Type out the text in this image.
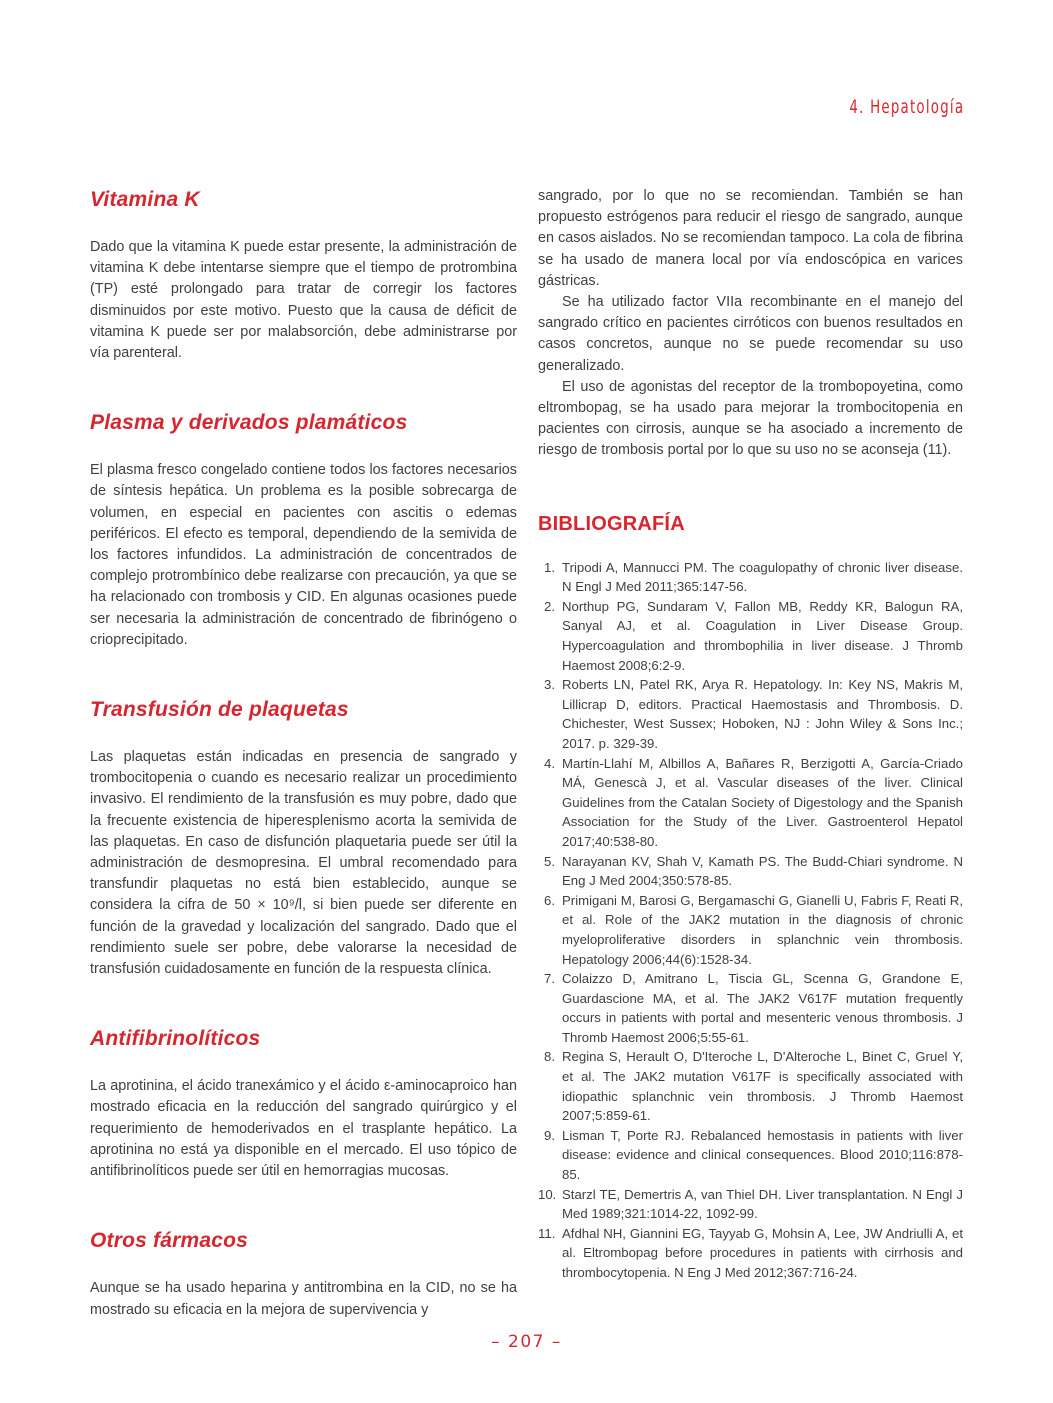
4. Hepatología
Vitamina K

Dado que la vitamina K puede estar presente, la administración de vitamina K debe intentarse siempre que el tiempo de protrombina (TP) esté prolongado para tratar de corregir los factores disminuidos por este motivo. Puesto que la causa de déficit de vitamina K puede ser por malabsorción, debe administrarse por vía parenteral.

Plasma y derivados plamáticos

El plasma fresco congelado contiene todos los factores necesarios de síntesis hepática. Un problema es la posible sobrecarga de volumen, en especial en pacientes con ascitis o edemas periféricos. El efecto es temporal, dependiendo de la semivida de los factores infundidos. La administración de concentrados de complejo protrombínico debe realizarse con precaución, ya que se ha relacionado con trombosis y CID. En algunas ocasiones puede ser necesaria la administración de concentrado de fibrinógeno o crioprecipitado.

Transfusión de plaquetas

Las plaquetas están indicadas en presencia de sangrado y trombocitopenia o cuando es necesario realizar un procedimiento invasivo. El rendimiento de la transfusión es muy pobre, dado que la frecuente existencia de hiperesplenismo acorta la semivida de las plaquetas. En caso de disfunción plaquetaria puede ser útil la administración de desmopresina. El umbral recomendado para transfundir plaquetas no está bien establecido, aunque se considera la cifra de 50 × 10⁹/l, si bien puede ser diferente en función de la gravedad y localización del sangrado. Dado que el rendimiento suele ser pobre, debe valorarse la necesidad de transfusión cuidadosamente en función de la respuesta clínica.

Antifibrinolíticos

La aprotinina, el ácido tranexámico y el ácido ε-aminocaproico han mostrado eficacia en la reducción del sangrado quirúrgico y el requerimiento de hemoderivados en el trasplante hepático. La aprotinina no está ya disponible en el mercado. El uso tópico de antifibrinolíticos puede ser útil en hemorragias mucosas.

Otros fármacos

Aunque se ha usado heparina y antitrombina en la CID, no se ha mostrado su eficacia en la mejora de supervivencia y

sangrado, por lo que no se recomiendan. También se han propuesto estrógenos para reducir el riesgo de sangrado, aunque en casos aislados. No se recomiendan tampoco. La cola de fibrina se ha usado de manera local por vía endoscópica en varices gástricas.

Se ha utilizado factor VIIa recombinante en el manejo del sangrado crítico en pacientes cirróticos con buenos resultados en casos concretos, aunque no se puede recomendar su uso generalizado.

El uso de agonistas del receptor de la trombopoyetina, como eltrombopag, se ha usado para mejorar la trombocitopenia en pacientes con cirrosis, aunque se ha asociado a incremento de riesgo de trombosis portal por lo que su uso no se aconseja (11).

BIBLIOGRAFÍA
1. Tripodi A, Mannucci PM. The coagulopathy of chronic liver disease. N Engl J Med 2011;365:147-56.
2. Northup PG, Sundaram V, Fallon MB, Reddy KR, Balogun RA, Sanyal AJ, et al. Coagulation in Liver Disease Group. Hypercoagulation and thrombophilia in liver disease. J Thromb Haemost 2008;6:2-9.
3. Roberts LN, Patel RK, Arya R. Hepatology. In: Key NS, Makris M, Lillicrap D, editors. Practical Haemostasis and Thrombosis. D. Chichester, West Sussex; Hoboken, NJ : John Wiley & Sons Inc.; 2017. p. 329-39.
4. Martín-Llahí M, Albillos A, Bañares R, Berzigotti A, García-Criado MÁ, Genescà J, et al. Vascular diseases of the liver. Clinical Guidelines from the Catalan Society of Digestology and the Spanish Association for the Study of the Liver. Gastroenterol Hepatol 2017;40:538-80.
5. Narayanan KV, Shah V, Kamath PS. The Budd-Chiari syndrome. N Eng J Med 2004;350:578-85.
6. Primigani M, Barosi G, Bergamaschi G, Gianelli U, Fabris F, Reati R, et al. Role of the JAK2 mutation in the diagnosis of chronic myeloproliferative disorders in splanchnic vein thrombosis. Hepatology 2006;44(6):1528-34.
7. Colaizzo D, Amitrano L, Tiscia GL, Scenna G, Grandone E, Guardascione MA, et al. The JAK2 V617F mutation frequently occurs in patients with portal and mesenteric venous thrombosis. J Thromb Haemost 2006;5:55-61.
8. Regina S, Herault O, D'Iteroche L, D'Alteroche L, Binet C, Gruel Y, et al. The JAK2 mutation V617F is specifically associated with idiopathic splanchnic vein thrombosis. J Thromb Haemost 2007;5:859-61.
9. Lisman T, Porte RJ. Rebalanced hemostasis in patients with liver disease: evidence and clinical consequences. Blood 2010;116:878-85.
10. Starzl TE, Demertris A, van Thiel DH. Liver transplantation. N Engl J Med 1989;321:1014-22, 1092-99.
11. Afdhal NH, Giannini EG, Tayyab G, Mohsin A, Lee, JW Andriulli A, et al. Eltrombopag before procedures in patients with cirrhosis and thrombocytopenia. N Eng J Med 2012;367:716-24.
– 207 –
